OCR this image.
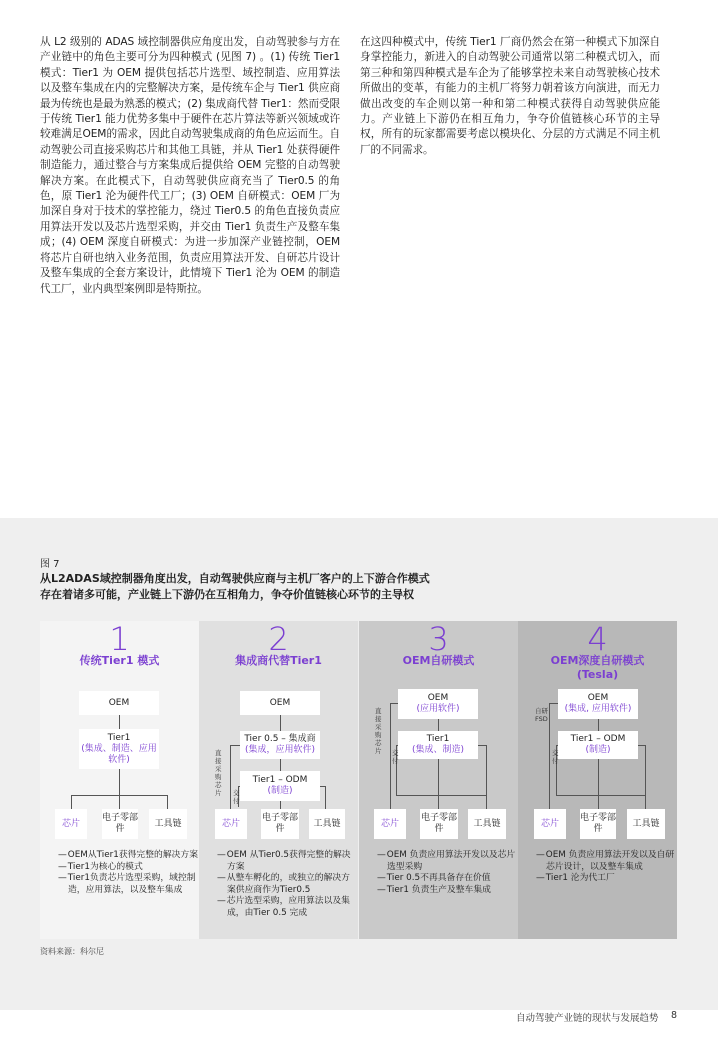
从 L2 级别的 ADAS 域控制器供应角度出发，自动驾驶参与方在产业链中的角色主要可分为四种模式 (见图 7) 。(1) 传统 Tier1 模式：Tier1 为 OEM 提供包括芯片选型、域控制造、应用算法以及整车集成在内的完整解决方案，是传统车企与 Tier1 供应商最为传统也是最为熟悉的模式；(2) 集成商代替 Tier1：然而受限于传统 Tier1 能力优势多集中于硬件在芯片算法等新兴领域或许较难满足OEM的需求，因此自动驾驶集成商的角色应运而生。自动驾驶公司直接采购芯片和其他工具链，并从 Tier1 处获得硬件制造能力，通过整合与方案集成后提供给 OEM 完整的自动驾驶解决方案。在此模式下，自动驾驶供应商充当了 Tier0.5 的角色，原 Tier1 沦为硬件代工厂；(3) OEM 自研模式：OEM 厂为加深自身对于技术的掌控能力，绕过 Tier0.5 的角色直接负责应用算法开发以及芯片选型采购，并交由 Tier1 负责生产及整车集成；(4) OEM 深度自研模式：为进一步加深产业链控制，OEM 将芯片自研也纳入业务范围，负责应用算法开发、自研芯片设计及整车集成的全套方案设计，此情境下 Tier1 沦为 OEM 的制造代工厂，业内典型案例即是特斯拉。

在这四种模式中，传统 Tier1 厂商仍然会在第一种模式下加深自身掌控能力，新进入的自动驾驶公司通常以第二种模式切入，而第三种和第四种模式是车企为了能够掌控未来自动驾驶核心技术所做出的变革，有能力的主机厂将努力朝着该方向演进，而无力做出改变的车企则以第一种和第二种模式获得自动驾驶供应能力。产业链上下游仍在相互角力，争夺价值链核心环节的主导权，所有的玩家都需要考虑以模块化、分层的方式满足不同主机厂的不同需求。

图 7
从L2ADAS域控制器角度出发，自动驾驶供应商与主机厂客户的上下游合作模式
存在着诸多可能，产业链上下游仍在互相角力，争夺价值链核心环节的主导权
1
传统Tier1 模式
OEM
Tier1
(集成、制造、应用软件)
芯片
电子零部件
工具链
— OEM从Tier1获得完整的解决方案
— Tier1为核心的模式
— Tier1负责芯片选型采购，域控制造，应用算法，以及整车集成
2
集成商代替Tier1
OEM
Tier 0.5 – 集成商
(集成，应用软件)
Tier1 – ODM
(制造)
直接采购芯片	交付
芯片
电子零部件
工具链
— OEM 从Tier0.5获得完整的解决方案
— 从整车孵化的，或独立的解决方案供应商作为Tier0.5
— 芯片选型采购，应用算法以及集成，由Tier 0.5 完成
3
OEM自研模式
OEM
(应用软件)
Tier1
(集成、制造)
直接采购芯片	交付
芯片
电子零部件
工具链
— OEM 负责应用算法开发以及芯片选型采购
— Tier 0.5不再具备存在价值
— Tier1 负责生产及整车集成
4
OEM深度自研模式
(Tesla)
OEM
(集成, 应用软件)
Tier1 – ODM
(制造)
自研FSD
交付
芯片
电子零部件
工具链
— OEM 负责应用算法开发以及自研芯片设计，以及整车集成
— Tier1 沦为代工厂
资料来源：科尔尼
自动驾驶产业链的现状与发展趋势 8
